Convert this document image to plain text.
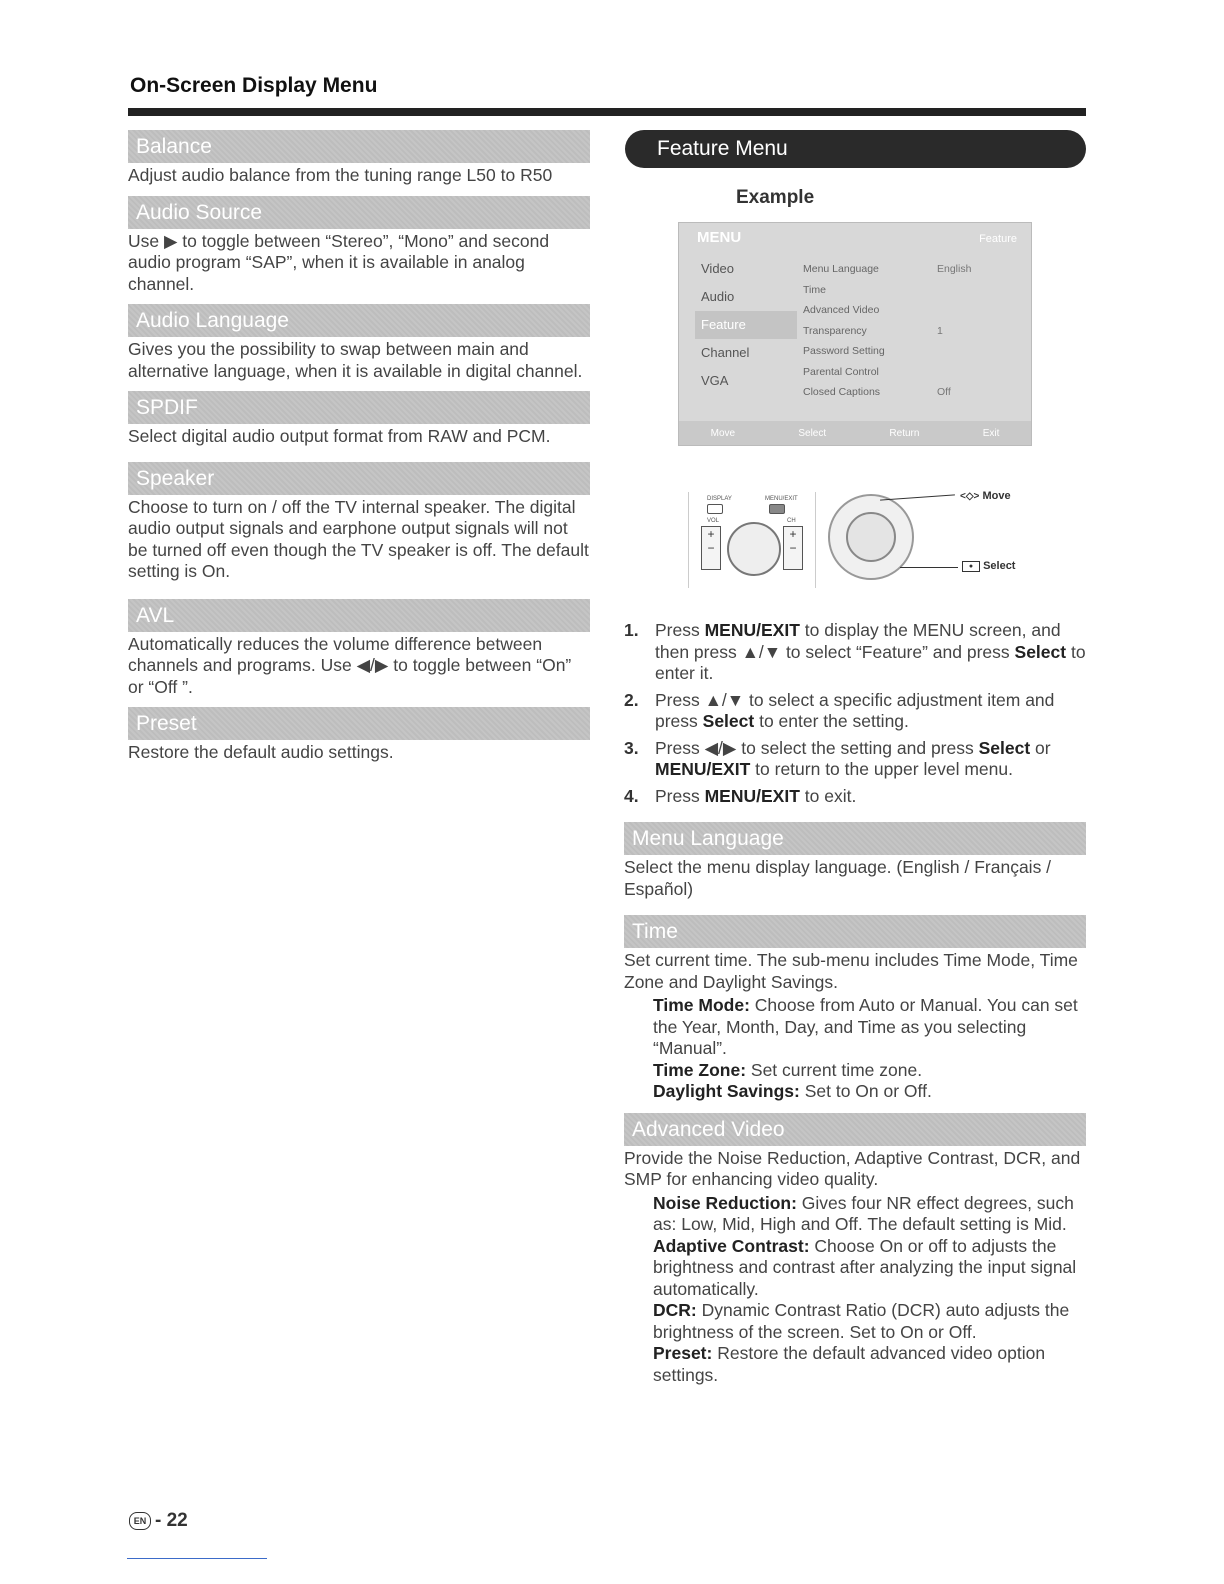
On-Screen Display Menu
Balance
Adjust audio balance from the tuning range L50 to R50
Audio Source
Use ▶ to toggle between “Stereo”, “Mono” and second audio program “SAP”, when it is available in analog channel.
Audio Language
Gives you the possibility to swap between main and alternative language, when it is available in digital channel.
SPDIF
Select digital audio output format from RAW and PCM.
Speaker
Choose to turn on / off the TV internal speaker. The digital audio output signals and earphone output signals will not be turned off even though the TV speaker is off. The default setting is On.
AVL
Automatically reduces the volume difference between channels and programs. Use ◀/▶ to toggle between “On” or “Off ”.
Preset
Restore the default audio settings.
Feature Menu
Example
MENU	Feature
Video
Audio
Feature
Channel
VGA
Menu Language	English
Time
Advanced Video
Transparency	1
Password Setting
Parental Control
Closed Captions	Off
Move	Select	Return	Exit
DISPLAY	MENU/EXIT
VOL	CH
+
−
+
−
<◇> Move
● Select
1. Press MENU/EXIT to display the MENU screen, and then press ▲/▼ to select “Feature” and press Select to enter it.
2. Press ▲/▼ to select a specific adjustment item and press Select to enter the setting.
3. Press ◀/▶ to select the setting and press Select or MENU/EXIT to return to the upper level menu.
4. Press MENU/EXIT to exit.
Menu Language
Select the menu display language. (English / Français / Español)
Time
Set current time. The sub-menu includes Time Mode, Time Zone and Daylight Savings.
Time Mode: Choose from Auto or Manual. You can set the Year, Month, Day, and Time as you selecting “Manual”.
Time Zone: Set current time zone.
Daylight Savings: Set to On or Off.
Advanced Video
Provide the Noise Reduction, Adaptive Contrast, DCR, and SMP for enhancing video quality.
Noise Reduction: Gives four NR effect degrees, such as: Low, Mid, High and Off. The default setting is Mid.
Adaptive Contrast: Choose On or off to adjusts the brightness and contrast after analyzing the input signal automatically.
DCR: Dynamic Contrast Ratio (DCR) auto adjusts the brightness of the screen. Set to On or Off.
Preset: Restore the default advanced video option settings.
EN - 22
